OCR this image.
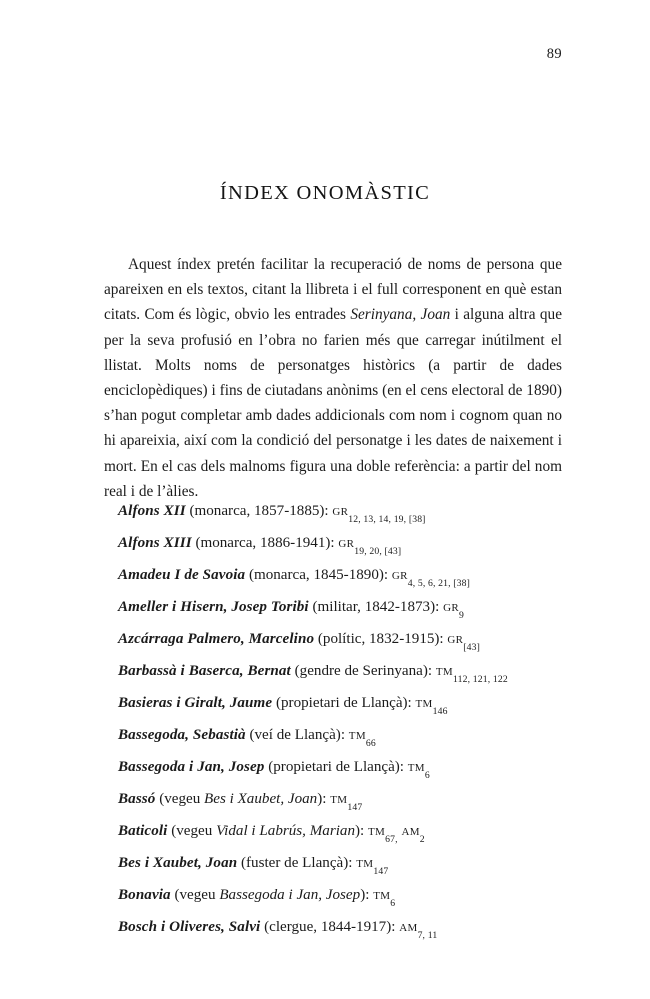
89
ÍNDEX ONOMÀSTIC

Aquest índex pretén facilitar la recuperació de noms de persona que apareixen en els textos, citant la llibreta i el full corresponent en què estan citats. Com és lògic, obvio les entrades Serinyana, Joan i alguna altra que per la seva profusió en l’obra no farien més que carregar inútilment el llistat. Molts noms de personatges històrics (a partir de dades enciclopèdiques) i fins de ciutadans anònims (en el cens electoral de 1890) s’han pogut completar amb dades addicionals com nom i cognom quan no hi apareixia, així com la condició del personatge i les dates de naixement i mort. En el cas dels malnoms figura una doble referència: a partir del nom real i de l’àlies.

Alfons XII (monarca, 1857-1885): $gr_{12, 13, 14, 19, [38]}$
Alfons XIII (monarca, 1886-1941): $gr_{19, 20, [43]}$
Amadeu I de Savoia (monarca, 1845-1890): $gr_{4, 5, 6, 21, [38]}$
Ameller i Hisern, Josep Toribi (militar, 1842-1873): $gr_9$
Azcárraga Palmero, Marcelino (polític, 1832-1915): $gr_{[43]}$
Barbassà i Baserca, Bernat (gendre de Serinyana): $tm_{112, 121, 122}$
Basieras i Giralt, Jaume (propietari de Llançà): $tm_{146}$
Bassegoda, Sebastià (veí de Llançà): $tm_{66}$
Bassegoda i Jan, Josep (propietari de Llançà): $tm_6$
Bassó (vegeu Bes i Xaubet, Joan): $tm_{147}$
Baticoli (vegeu Vidal i Labrús, Marian): $tm_{67,}$ $am_2$
Bes i Xaubet, Joan (fuster de Llançà): $tm_{147}$
Bonavia (vegeu Bassegoda i Jan, Josep): $tm_6$
Bosch i Oliveres, Salvi (clergue, 1844-1917): $am_{7, 11}$
